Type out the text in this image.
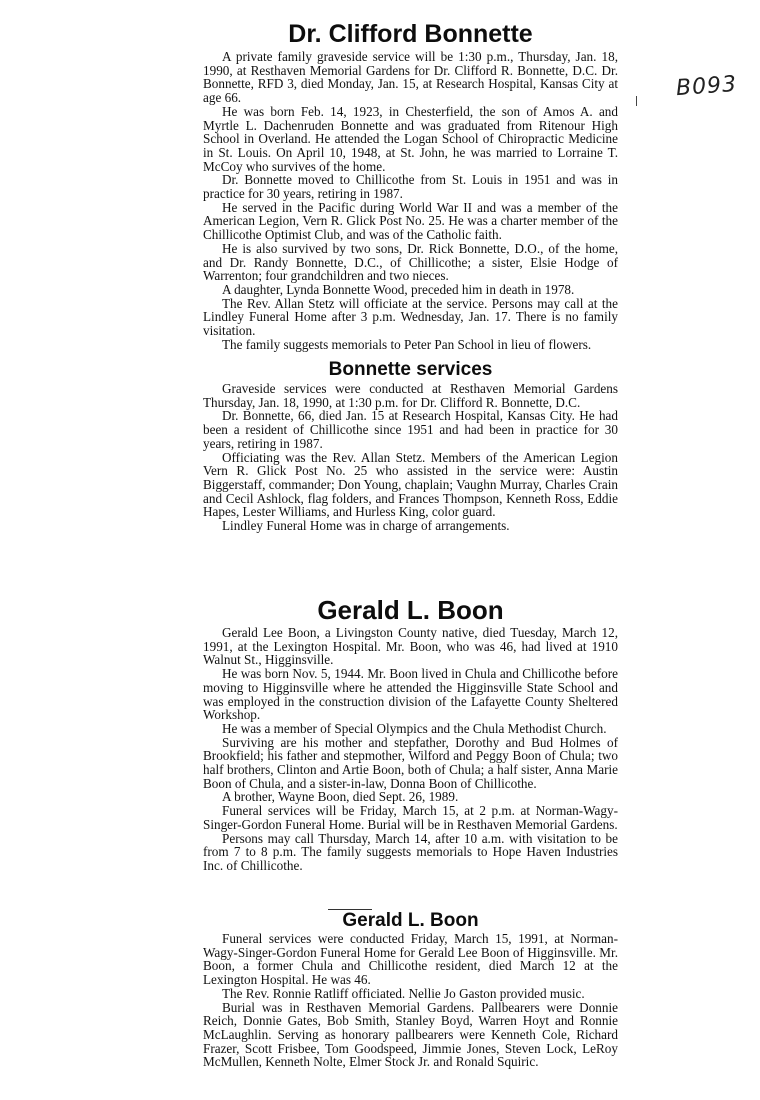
B093
Dr. Clifford Bonnette

A private family graveside service will be 1:30 p.m., Thursday, Jan. 18, 1990, at Resthaven Memorial Gardens for Dr. Clifford R. Bonnette, D.C. Dr. Bonnette, RFD 3, died Monday, Jan. 15, at Research Hospital, Kansas City at age 66.

He was born Feb. 14, 1923, in Chesterfield, the son of Amos A. and Myrtle L. Dachenruden Bonnette and was graduated from Ritenour High School in Overland. He attended the Logan School of Chiropractic Medicine in St. Louis. On April 10, 1948, at St. John, he was married to Lorraine T. McCoy who survives of the home.

Dr. Bonnette moved to Chillicothe from St. Louis in 1951 and was in practice for 30 years, retiring in 1987.

He served in the Pacific during World War II and was a member of the American Legion, Vern R. Glick Post No. 25. He was a charter member of the Chillicothe Optimist Club, and was of the Catholic faith.

He is also survived by two sons, Dr. Rick Bonnette, D.O., of the home, and Dr. Randy Bonnette, D.C., of Chillicothe; a sister, Elsie Hodge of Warrenton; four grandchildren and two nieces.

A daughter, Lynda Bonnette Wood, preceded him in death in 1978.

The Rev. Allan Stetz will officiate at the service. Persons may call at the Lindley Funeral Home after 3 p.m. Wednesday, Jan. 17. There is no family visitation.

The family suggests memorials to Peter Pan School in lieu of flowers.

Bonnette services

Graveside services were conducted at Resthaven Memorial Gardens Thursday, Jan. 18, 1990, at 1:30 p.m. for Dr. Clifford R. Bonnette, D.C.

Dr. Bonnette, 66, died Jan. 15 at Research Hospital, Kansas City. He had been a resident of Chillicothe since 1951 and had been in practice for 30 years, retiring in 1987.

Officiating was the Rev. Allan Stetz. Members of the American Legion Vern R. Glick Post No. 25 who assisted in the service were: Austin Biggerstaff, commander; Don Young, chaplain; Vaughn Murray, Charles Crain and Cecil Ashlock, flag folders, and Frances Thompson, Kenneth Ross, Eddie Hapes, Lester Williams, and Hurless King, color guard.

Lindley Funeral Home was in charge of arrangements.

Gerald L. Boon

Gerald Lee Boon, a Livingston County native, died Tuesday, March 12, 1991, at the Lexington Hospital. Mr. Boon, who was 46, had lived at 1910 Walnut St., Higginsville.

He was born Nov. 5, 1944. Mr. Boon lived in Chula and Chillicothe before moving to Higginsville where he attended the Higginsville State School and was employed in the construction division of the Lafayette County Sheltered Workshop.

He was a member of Special Olympics and the Chula Methodist Church.

Surviving are his mother and stepfather, Dorothy and Bud Holmes of Brookfield; his father and stepmother, Wilford and Peggy Boon of Chula; two half brothers, Clinton and Artie Boon, both of Chula; a half sister, Anna Marie Boon of Chula, and a sister-in-law, Donna Boon of Chillicothe.

A brother, Wayne Boon, died Sept. 26, 1989.

Funeral services will be Friday, March 15, at 2 p.m. at Norman-Wagy-Singer-Gordon Funeral Home. Burial will be in Resthaven Memorial Gardens.

Persons may call Thursday, March 14, after 10 a.m. with visitation to be from 7 to 8 p.m. The family suggests memorials to Hope Haven Industries Inc. of Chillicothe.

Gerald L. Boon

Funeral services were conducted Friday, March 15, 1991, at Norman-Wagy-Singer-Gordon Funeral Home for Gerald Lee Boon of Higginsville. Mr. Boon, a former Chula and Chillicothe resident, died March 12 at the Lexington Hospital. He was 46.

The Rev. Ronnie Ratliff officiated. Nellie Jo Gaston provided music.

Burial was in Resthaven Memorial Gardens. Pallbearers were Donnie Reich, Donnie Gates, Bob Smith, Stanley Boyd, Warren Hoyt and Ronnie McLaughlin. Serving as honorary pallbearers were Kenneth Cole, Richard Frazer, Scott Frisbee, Tom Goodspeed, Jimmie Jones, Steven Lock, LeRoy McMullen, Kenneth Nolte, Elmer Stock Jr. and Ronald Squiric.
